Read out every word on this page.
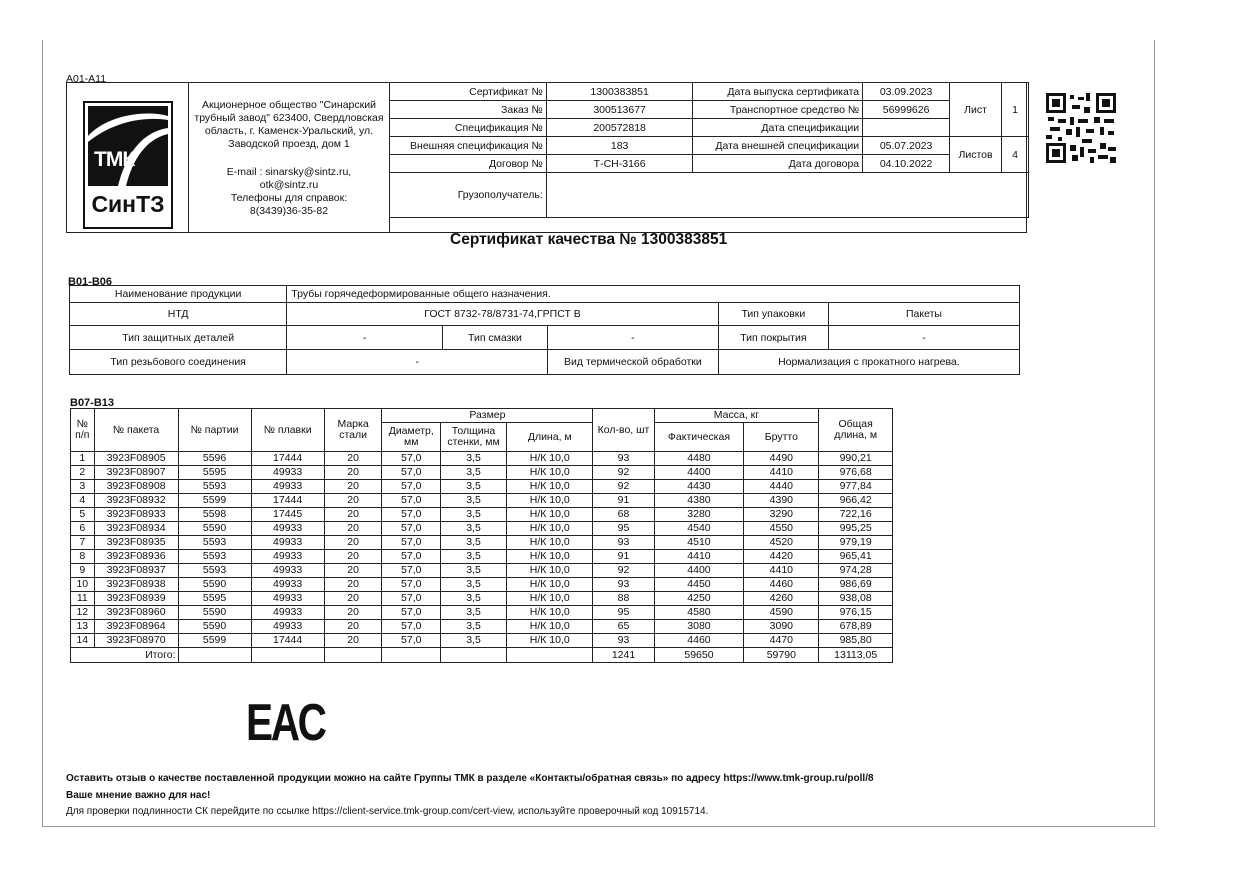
A01-A11
ТМК
СинТЗ
Акционерное общество "Синарский
трубный завод" 623400, Свердловская
область, г. Каменск-Уральский, ул.
Заводской проезд, дом 1
E-mail : sinarsky@sintz.ru,
otk@sintz.ru
Телефоны для справок:
8(3439)36-35-82
Сертификат №	1300383851	Дата выпуска сертификата	03.09.2023	Лист	1
Заказ №	300513677	Транспортное средство №	56999626		
Спецификация №	200572818	Дата спецификации			
Внешняя спецификация №	183	Дата внешней спецификации	05.07.2023	Листов	4
Договор №	Т-СН-3166	Дата договора	04.10.2022		
Грузополучатель:					
Сертификат качества № 1300383851
B01-B06
Наименование продукции	Трубы горячедеформированные общего назначения.				
НТД	ГОСТ 8732-78/8731-74,ГРПСТ В			Тип упаковки	Пакеты
Тип защитных деталей	-	Тип смазки	-	Тип покрытия	-
Тип резьбового соединения	-		Вид термической обработки	Нормализация с прокатного нагрева.	
B07-B13
№ п/п	№ пакета	№ партии	№ плавки	Марка стали	Размер			Кол-во, шт	Масса, кг		Общая длина, м
					Диаметр, мм	Толщина стенки, мм	Длина, м		Фактическая	Брутто	
1	3923F08905	5596	17444	20	57,0	3,5	Н/К 10,0	93	4480	4490	990,21
2	3923F08907	5595	49933	20	57,0	3,5	Н/К 10,0	92	4400	4410	976,68
3	3923F08908	5593	49933	20	57,0	3,5	Н/К 10,0	92	4430	4440	977,84
4	3923F08932	5599	17444	20	57,0	3,5	Н/К 10,0	91	4380	4390	966,42
5	3923F08933	5598	17445	20	57,0	3,5	Н/К 10,0	68	3280	3290	722,16
6	3923F08934	5590	49933	20	57,0	3,5	Н/К 10,0	95	4540	4550	995,25
7	3923F08935	5593	49933	20	57,0	3,5	Н/К 10,0	93	4510	4520	979,19
8	3923F08936	5593	49933	20	57,0	3,5	Н/К 10,0	91	4410	4420	965,41
9	3923F08937	5593	49933	20	57,0	3,5	Н/К 10,0	92	4400	4410	974,28
10	3923F08938	5590	49933	20	57,0	3,5	Н/К 10,0	93	4450	4460	986,69
11	3923F08939	5595	49933	20	57,0	3,5	Н/К 10,0	88	4250	4260	938,08
12	3923F08960	5590	49933	20	57,0	3,5	Н/К 10,0	95	4580	4590	976,15
13	3923F08964	5590	49933	20	57,0	3,5	Н/К 10,0	65	3080	3090	678,89
14	3923F08970	5599	17444	20	57,0	3,5	Н/К 10,0	93	4460	4470	985,80
Итого:								1241	59650	59790	13113,05
EAC
Оставить отзыв о качестве поставленной продукции можно на сайте Группы ТМК в разделе «Контакты/обратная связь» по адресу https://www.tmk-group.ru/poll/8
Ваше мнение важно для нас!
Для проверки подлинности СК перейдите по ссылке https://client-service.tmk-group.com/cert-view, используйте проверочный код 10915714.
